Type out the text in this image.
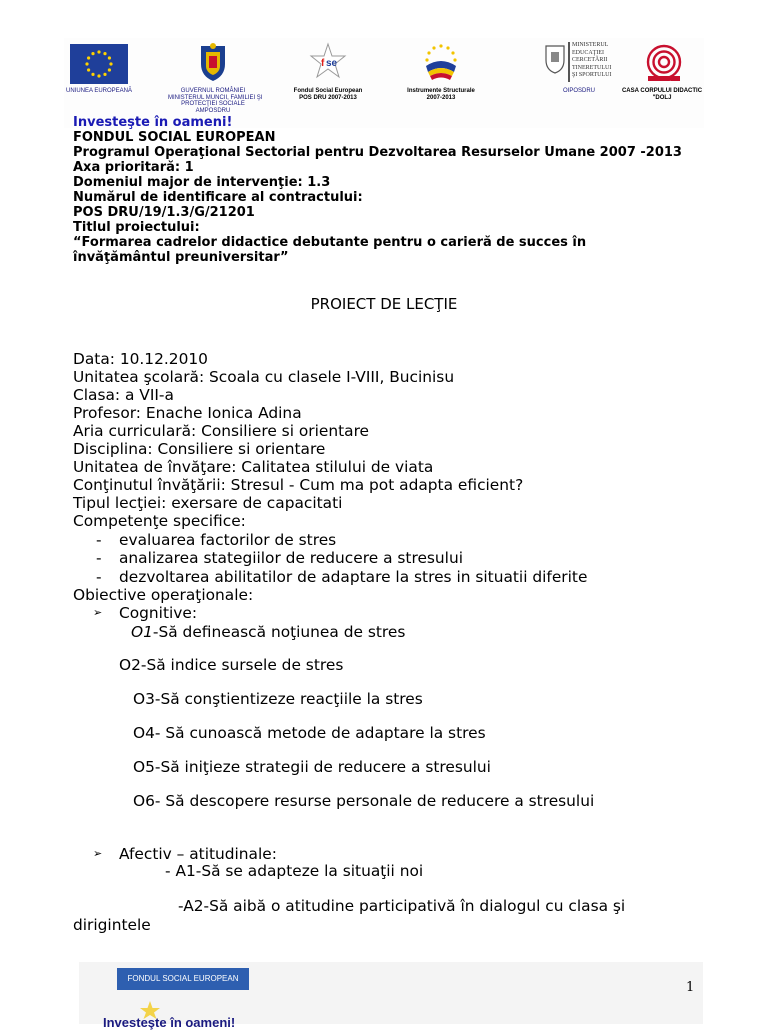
UNIUNEA EUROPEANĂ	GUVERNUL ROMÂNIEI
MINISTERUL MUNCII, FAMILIEI ŞI
PROTECŢIEI SOCIALE
AMPOSDRU
f se
Fondul Social European
POS DRU 2007-2013
Instrumente Structurale
2007-2013
MINISTERUL
EDUCAŢIEI
CERCETĂRII
TINERETULUI
ŞI SPORTULUI
OIPOSDRU
PROFESIONALISM ÎN EDUCAŢIE
CASA CORPULUI DIDACTIC
"DOLJ
Investeşte în oameni!
FONDUL SOCIAL EUROPEAN
Programul Operaţional Sectorial pentru Dezvoltarea Resurselor Umane 2007 -2013
Axa prioritară: 1
Domeniul major de intervenţie: 1.3
Numărul de identificare al contractului:
POS DRU/19/1.3/G/21201
Titlul proiectului:
“Formarea cadrelor didactice debutante pentru o carieră de succes în
învăţământul preuniversitar”
PROIECT DE LECŢIE
Data: 10.12.2010
Unitatea şcolară: Scoala cu clasele I-VIII, Bucinisu
Clasa: a VII-a
Profesor: Enache Ionica Adina
Aria curriculară: Consiliere si orientare
Disciplina: Consiliere si orientare
Unitatea de învăţare: Calitatea stilului de viata
Conţinutul învăţării: Stresul - Cum ma pot adapta eficient?
Tipul lecţiei: exersare de capacitati
Competenţe specifice:
- evaluarea factorilor de stres
- analizarea stategiilor de reducere a stresului
- dezvoltarea abilitatilor de adaptare la stres in situatii diferite
Obiective operaţionale:
➢ Cognitive:
O1-Să definească noţiunea de stres
O2-Să indice sursele de stres
O3-Să conştientizeze reacţiile la stres
O4- Să cunoască metode de adaptare la stres
O5-Să iniţieze strategii de reducere a stresului
O6- Să descopere resurse personale de reducere a stresului
➢ Afectiv – atitudinale:
- A1-Să se adapteze la situaţii noi
-A2-Să aibă o atitudine participativă în dialogul cu clasa şi
dirigintele
FONDUL SOCIAL EUROPEAN
Investeşte în oameni!
1
